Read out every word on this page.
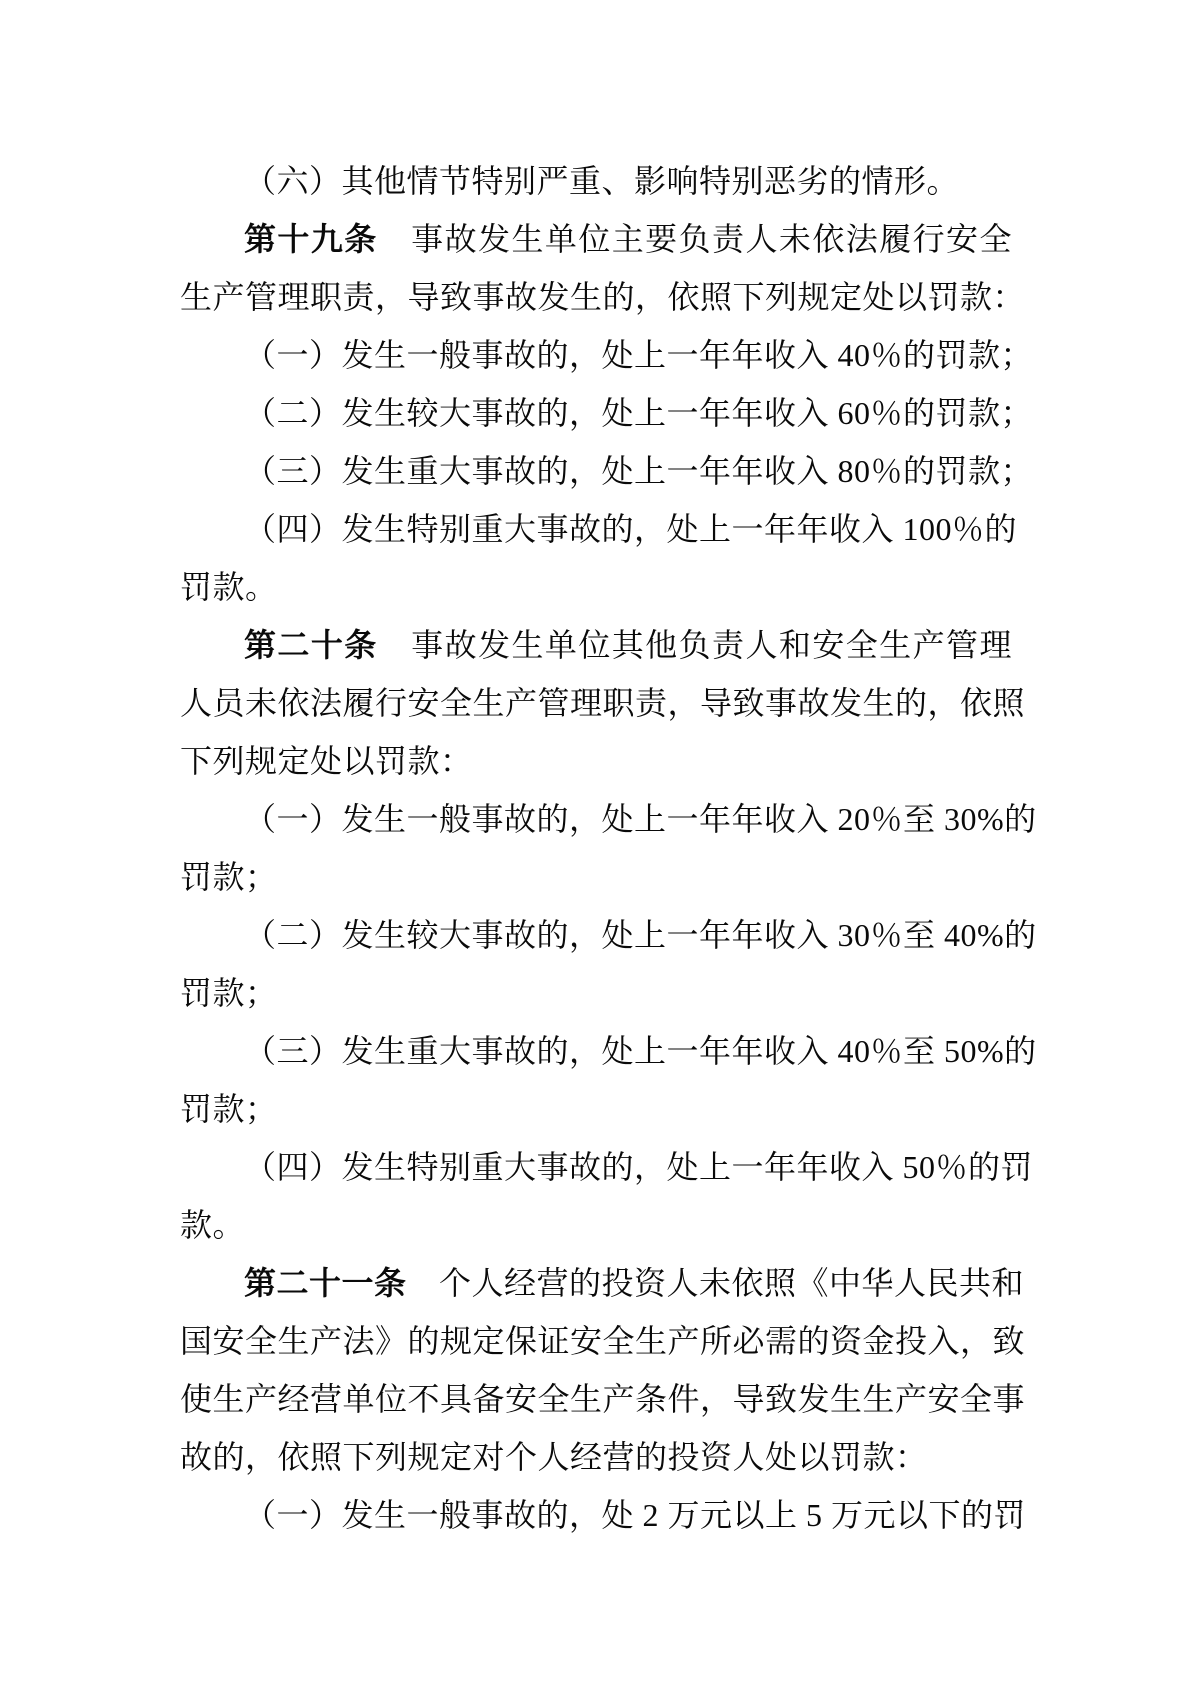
（六）其他情节特别严重、影响特别恶劣的情形。
第十九条　事故发生单位主要负责人未依法履行安全
生产管理职责，导致事故发生的，依照下列规定处以罚款：
（一）发生一般事故的，处上一年年收入 40％的罚款；
（二）发生较大事故的，处上一年年收入 60％的罚款；
（三）发生重大事故的，处上一年年收入 80％的罚款；
（四）发生特别重大事故的，处上一年年收入 100％的
罚款。
第二十条　事故发生单位其他负责人和安全生产管理
人员未依法履行安全生产管理职责，导致事故发生的，依照
下列规定处以罚款：
（一）发生一般事故的，处上一年年收入 20％至 30%的
罚款；
（二）发生较大事故的，处上一年年收入 30％至 40%的
罚款；
（三）发生重大事故的，处上一年年收入 40％至 50%的
罚款；
（四）发生特别重大事故的，处上一年年收入 50％的罚
款。
第二十一条　个人经营的投资人未依照《中华人民共和
国安全生产法》的规定保证安全生产所必需的资金投入，致
使生产经营单位不具备安全生产条件，导致发生生产安全事
故的，依照下列规定对个人经营的投资人处以罚款：
（一）发生一般事故的，处 2 万元以上 5 万元以下的罚
